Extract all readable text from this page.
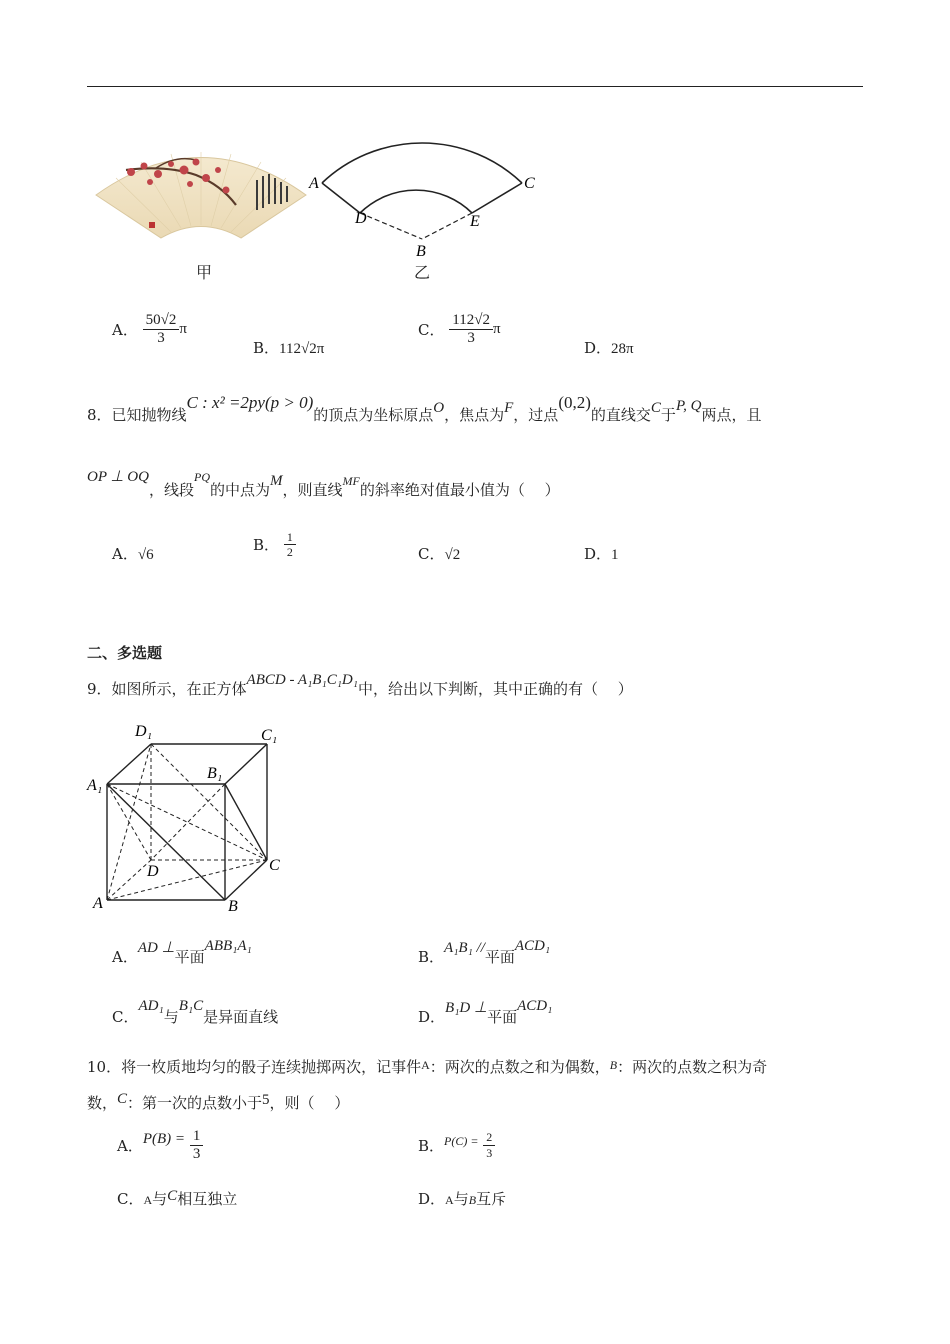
甲
A	C
D	E
B
乙
A． $\frac{50√2}{3}$ π
B．112√2π
C． $\frac{112√2}{3}$ π
D．28π
8．已知抛物线C : x² =2py(p > 0)的顶点为坐标原点O，焦点为F，过点(0,2)的直线交C于P, Q两点，且
OP ⊥ OQ，线段$^{PQ}$的中点为M，则直线$^{MF}$的斜率绝对值最小值为（　 ）
A．√6
B． $\frac{1}{2}$	C．√2	D．1
二、多选题
9．如图所示，在正方体ABCD - A₁B₁C₁D₁中，给出以下判断，其中正确的有（　 ）
A	B
C
D
A₁
B₁
C₁
D₁
A．AD ⊥平面ABB₁A₁
B．A₁B₁ //平面ACD₁
C．AD₁与B₁C是异面直线	D．B₁D ⊥平面ACD₁
10．将一枚质地均匀的骰子连续抛掷两次，记事件$^A$：两次的点数之和为偶数，$^B$：两次的点数之积为奇
数，C：第一次的点数小于5，则（　 ）
A．$P(B) = \frac{1}{3}$	B．$^{P(C) =} \frac{2}{3}$
C．A与C相互独立	D．A与B互斥
